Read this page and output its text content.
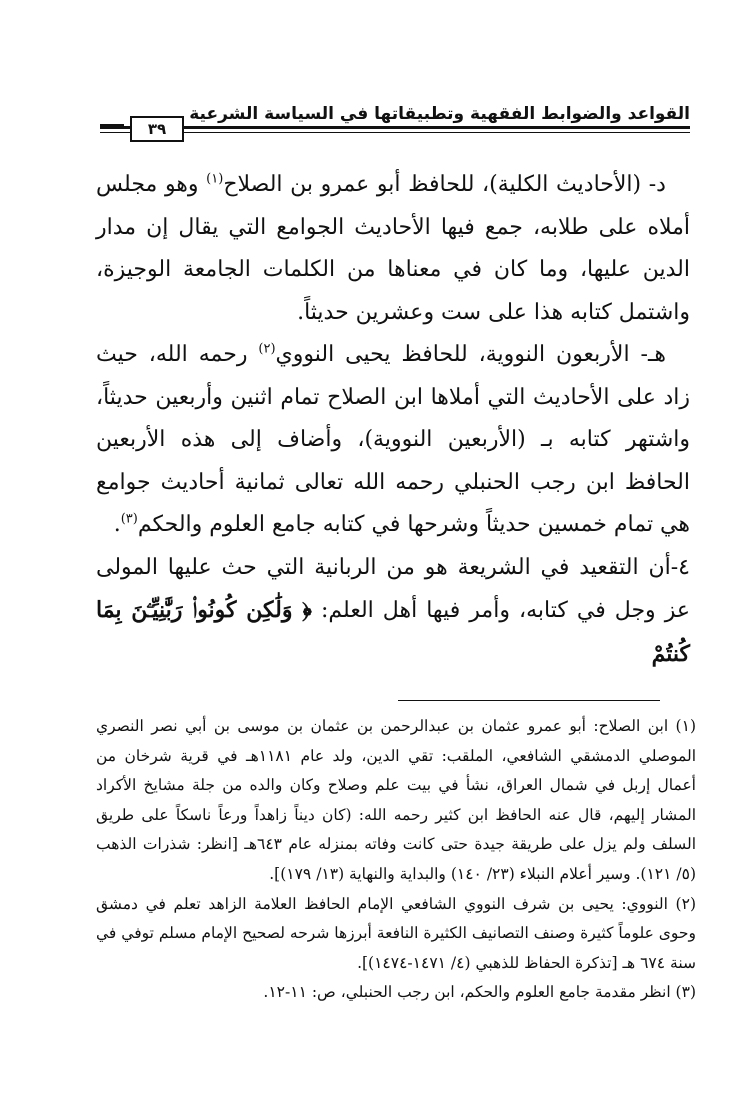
القواعد والضوابط الفقهية وتطبيقاتها في السياسة الشرعية
٣٩

د- (الأحاديث الكلية)، للحافظ أبو عمرو بن الصلاح$^{(١)}$ وهو مجلس أملاه على طلابه، جمع فيها الأحاديث الجوامع التي يقال إن مدار الدين عليها، وما كان في معناها من الكلمات الجامعة الوجيزة، واشتمل كتابه هذا على ست وعشرين حديثاً.

هـ- الأربعون النووية، للحافظ يحيى النووي$^{(٢)}$ رحمه الله، حيث زاد على الأحاديث التي أملاها ابن الصلاح تمام اثنين وأربعين حديثاً، واشتهر كتابه بـ (الأربعين النووية)، وأضاف إلى هذه الأربعين الحافظ ابن رجب الحنبلي رحمه الله تعالى ثمانية أحاديث جوامع هي تمام خمسين حديثاً وشرحها في كتابه جامع العلوم والحكم$^{(٣)}$.

٤-أن التقعيد في الشريعة هو من الربانية التي حث عليها المولى عز وجل في كتابه، وأمر فيها أهل العلم: ﴿ وَلَٰكِن كُونُوا۟ رَبَّٰنِيِّـۧنَ بِمَا كُنتُمْ

(١) ابن الصلاح: أبو عمرو عثمان بن عبدالرحمن بن عثمان بن موسى بن أبي نصر النصري الموصلي الدمشقي الشافعي، الملقب: تقي الدين، ولد عام ١١٨١هـ في قرية شرخان من أعمال إربل في شمال العراق، نشأ في بيت علم وصلاح وكان والده من جلة مشايخ الأكراد المشار إليهم، قال عنه الحافظ ابن كثير رحمه الله: (كان ديناً زاهداً ورعاً ناسكاً على طريق السلف ولم يزل على طريقة جيدة حتى كانت وفاته بمنزله عام ٦٤٣هـ [انظر: شذرات الذهب (٥/ ١٢١). وسير أعلام النبلاء (٢٣/ ١٤٠) والبداية والنهاية (١٣/ ١٧٩)].

(٢) النووي: يحيى بن شرف النووي الشافعي الإمام الحافظ العلامة الزاهد تعلم في دمشق وحوى علوماً كثيرة وصنف التصانيف الكثيرة النافعة أبرزها شرحه لصحيح الإمام مسلم توفي في سنة ٦٧٤ هـ [تذكرة الحفاظ للذهبي (٤/ ١٤٧١-١٤٧٤)].

(٣) انظر مقدمة جامع العلوم والحكم، ابن رجب الحنبلي، ص: ١١-١٢.
